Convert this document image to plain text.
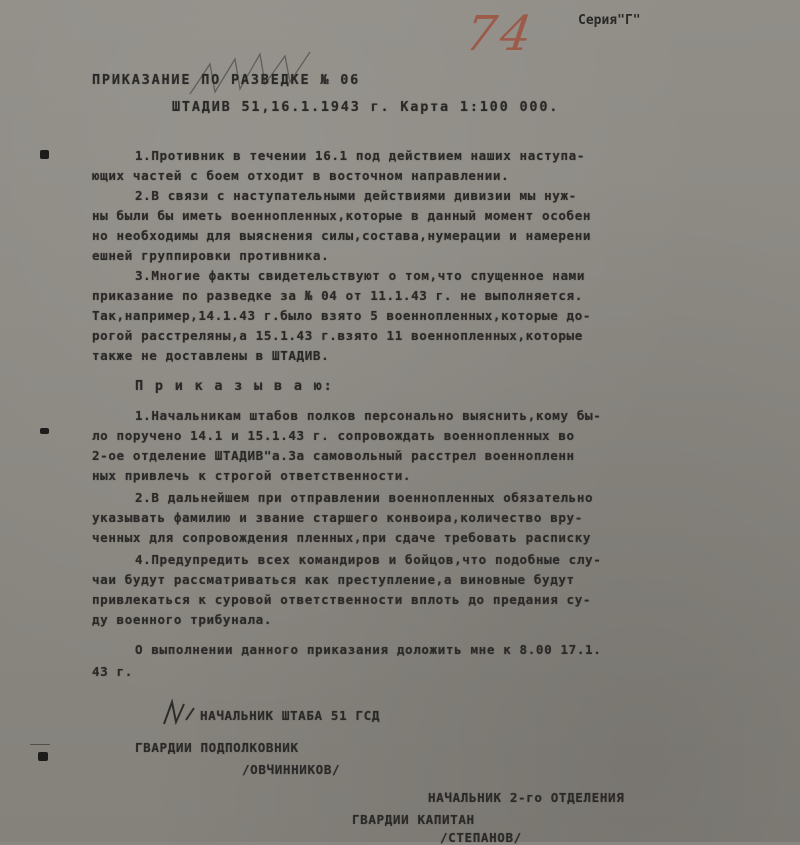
74	Серия"Г"
ПРИКАЗАНИЕ ПО РАЗВЕДКЕ № 06
ШТАДИВ 51,16.1.1943 г. Карта 1:100 000.
1.Противник в течении 16.1 под действием наших наступа-
ющих частей с боем отходит в восточном направлении.
2.В связи с наступательными действиями дивизии мы нуж-
ны были бы иметь военнопленных,которые в данный момент особен
но необходимы для выяснения силы,состава,нумерации и намерени
ешней группировки противника.
3.Многие факты свидетельствуют о том,что спущенное нами
приказание по разведке за № 04 от 11.1.43 г. не выполняется.
Так,например,14.1.43 г.было взято 5 военнопленных,которые до-
рогой расстреляны,а 15.1.43 г.взято 11 военнопленных,которые
также не доставлены в ШТАДИВ.
П р и к а з ы в а ю:
1.Начальникам штабов полков персонально выяснить,кому бы-
ло поручено 14.1 и 15.1.43 г. сопровождать военнопленных во
2-ое отделение ШТАДИВ"а.За самовольный расстрел военнопленн
ных привлечь к строгой ответственности.
2.В дальнейшем при отправлении военнопленных обязательно
указывать фамилию и звание старшего конвоира,количество вру-
ченных для сопровождения пленных,при сдаче требовать расписку
4.Предупредить всех командиров и бойцов,что подобные слу-
чаи будут рассматриваться как преступление,а виновные будут
привлекаться к суровой ответственности вплоть до предания су-
ду военного трибунала.
О выполнении данного приказания доложить мне к 8.00 17.1.
43 г.
НАЧАЛЬНИК ШТАБА 51 ГСД
ГВАРДИИ ПОДПОЛКОВНИК
/ОВЧИННИКОВ/
НАЧАЛЬНИК 2-го ОТДЕЛЕНИЯ
ГВАРДИИ КАПИТАН
/СТЕПАНОВ/
